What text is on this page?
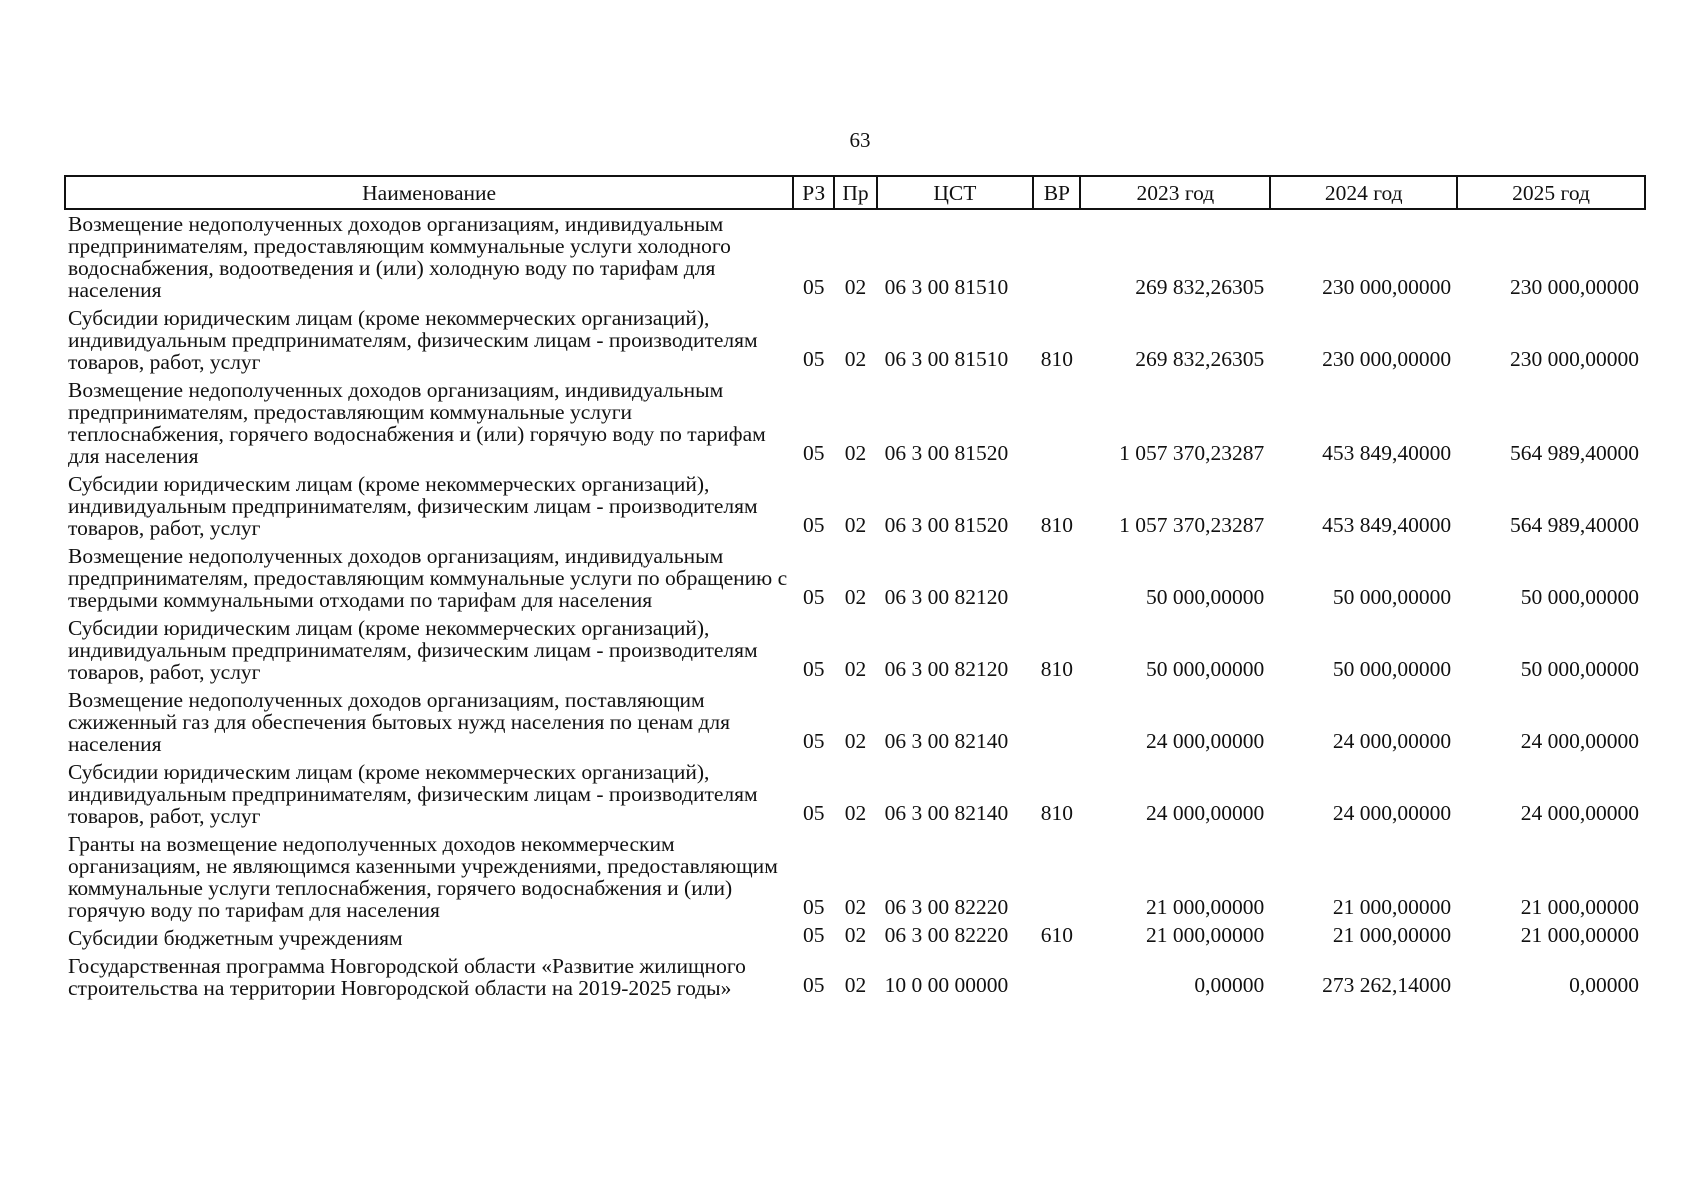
63
Наименование	РЗ	Пр	ЦСТ	ВР	2023 год	2024 год	2025 год
Возмещение недополученных доходов организациям, индивидуальным предпринимателям, предоставляющим коммунальные услуги холодного водоснабжения, водоотведения и (или) холодную воду по тарифам для населения	05	02	06 3 00 81510		269 832,26305	230 000,00000	230 000,00000
Субсидии юридическим лицам (кроме некоммерческих организаций), индивидуальным предпринимателям, физическим лицам - производителям товаров, работ, услуг	05	02	06 3 00 81510	810	269 832,26305	230 000,00000	230 000,00000
Возмещение недополученных доходов организациям, индивидуальным предпринимателям, предоставляющим коммунальные услуги теплоснабжения, горячего водоснабжения и (или) горячую воду по тарифам для населения	05	02	06 3 00 81520		1 057 370,23287	453 849,40000	564 989,40000
Субсидии юридическим лицам (кроме некоммерческих организаций), индивидуальным предпринимателям, физическим лицам - производителям товаров, работ, услуг	05	02	06 3 00 81520	810	1 057 370,23287	453 849,40000	564 989,40000
Возмещение недополученных доходов организациям, индивидуальным предпринимателям, предоставляющим коммунальные услуги по обращению с твердыми коммунальными отходами по тарифам для населения	05	02	06 3 00 82120		50 000,00000	50 000,00000	50 000,00000
Субсидии юридическим лицам (кроме некоммерческих организаций), индивидуальным предпринимателям, физическим лицам - производителям товаров, работ, услуг	05	02	06 3 00 82120	810	50 000,00000	50 000,00000	50 000,00000
Возмещение недополученных доходов организациям, поставляющим сжиженный газ для обеспечения бытовых нужд населения по ценам для населения	05	02	06 3 00 82140		24 000,00000	24 000,00000	24 000,00000
Субсидии юридическим лицам (кроме некоммерческих организаций), индивидуальным предпринимателям, физическим лицам - производителям товаров, работ, услуг	05	02	06 3 00 82140	810	24 000,00000	24 000,00000	24 000,00000
Гранты на возмещение недополученных доходов некоммерческим организациям, не являющимся казенными учреждениями, предоставляющим коммунальные услуги теплоснабжения, горячего водоснабжения и (или) горячую воду по тарифам для населения	05	02	06 3 00 82220		21 000,00000	21 000,00000	21 000,00000
Субсидии бюджетным учреждениям	05	02	06 3 00 82220	610	21 000,00000	21 000,00000	21 000,00000
Государственная программа Новгородской области «Развитие жилищного строительства на территории Новгородской области на 2019-2025 годы»	05	02	10 0 00 00000		0,00000	273 262,14000	0,00000
